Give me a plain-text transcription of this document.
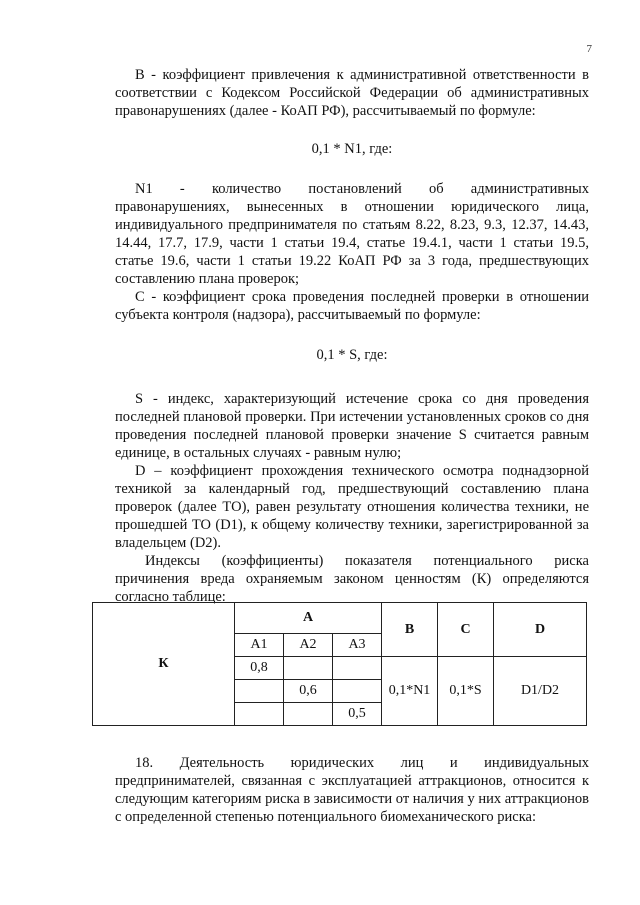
7

В - коэффициент привлечения к административной ответственности в соответствии с Кодексом Российской Федерации об административных правонарушениях (далее - КоАП РФ), рассчитываемый по формуле:

0,1 * N1, где:

N1 - количество постановлений об административных правонарушениях, вынесенных в отношении юридического лица, индивидуального предпринимателя по статьям 8.22, 8.23, 9.3, 12.37, 14.43, 14.44, 17.7, 17.9, части 1 статьи 19.4, статье 19.4.1, части 1 статьи 19.5, статье 19.6, части 1 статьи 19.22 КоАП РФ за 3 года, предшествующих составлению плана проверок;

С - коэффициент срока проведения последней проверки в отношении субъекта контроля (надзора), рассчитываемый по формуле:

0,1 * S, где:

S - индекс, характеризующий истечение срока со дня проведения последней плановой проверки. При истечении установленных сроков со дня проведения последней плановой проверки значение S считается равным единице, в остальных случаях - равным нулю;

D – коэффициент прохождения технического осмотра поднадзорной техникой за календарный год, предшествующий составлению плана проверок (далее ТО), равен результату отношения количества техники, не прошедшей ТО (D1), к общему количеству техники, зарегистрированной за владельцем (D2).

Индексы (коэффициенты) показателя потенциального риска причинения вреда охраняемым законом ценностям (К) определяются согласно таблице:

К	А			В	С	D
	А1	А2	А3			
	0,8			0,1*N1	0,1*S	D1/D2
		0,6				
			0,5			

18. Деятельность юридических лиц и индивидуальных предпринимателей, связанная с эксплуатацией аттракционов, относится к следующим категориям риска в зависимости от наличия у них аттракционов с определенной степенью потенциального биомеханического риска:
